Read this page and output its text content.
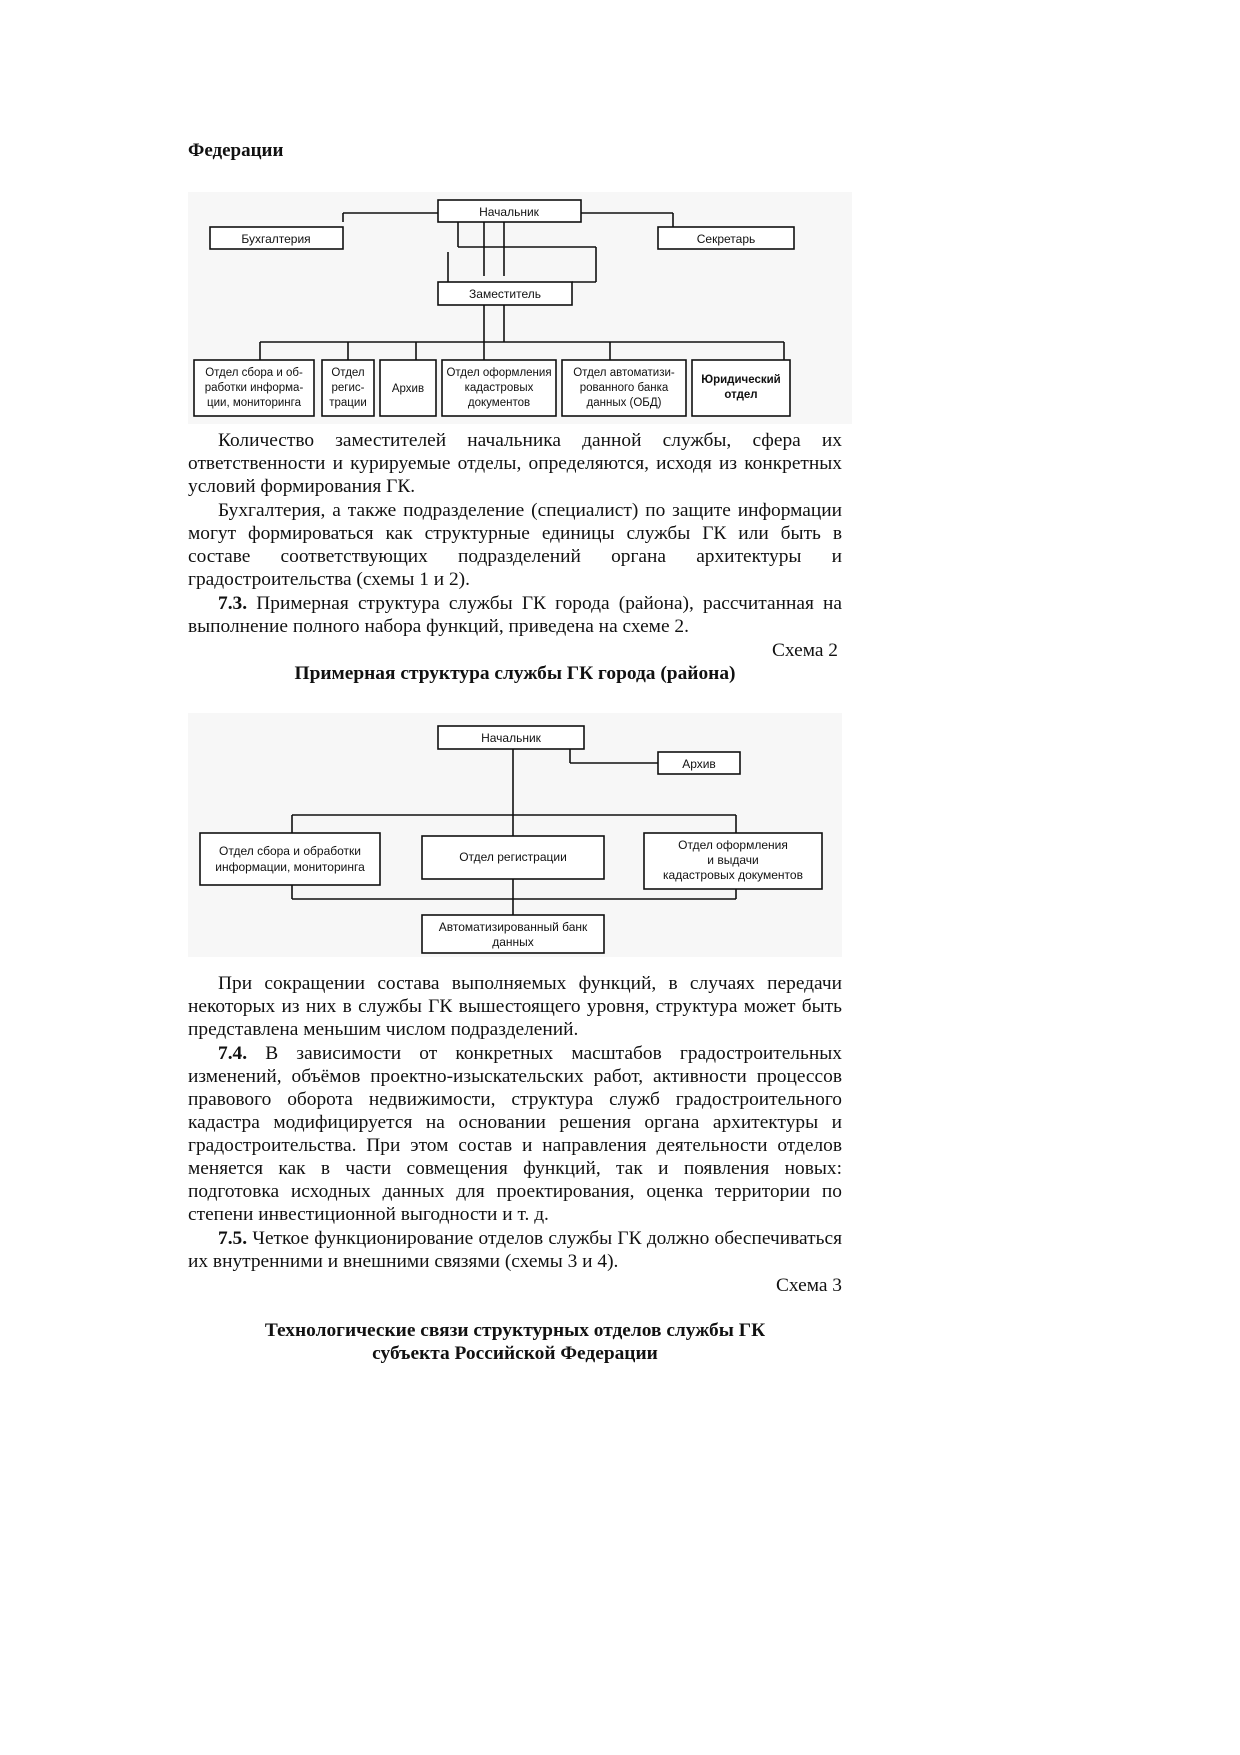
Федерации
Начальник
Бухгалтерия	Секретарь
Заместитель
Отдел сбора и об-
работки информа-
ции, мониторинга
Отдел
регис-
трации
Архив
Отдел оформления
кадастровых
документов
Отдел автоматизи-
рованного банка
данных (ОБД)
Юридический
отдел

Количество заместителей начальника данной службы, сфера их ответственности и курируемые отделы, определяются, исходя из конкретных условий формирования ГК.

Бухгалтерия, а также подразделение (специалист) по защите информации могут формироваться как структурные единицы службы ГК или быть в составе соответствующих подразделений органа архитектуры и градостроительства (схемы 1 и 2).

7.3. Примерная структура службы ГК города (района), рассчитанная на выполнение полного набора функций, приведена на схеме 2.

Схема 2

Примерная структура службы ГК города (района)

Начальник
Архив
Отдел сбора и обработки
информации, мониторинга
Отдел регистрации
Отдел оформления
и выдачи
кадастровых документов
Автоматизированный банк
данных

При сокращении состава выполняемых функций, в случаях передачи некоторых из них в службы ГК вышестоящего уровня, структура может быть представлена меньшим числом подразделений.

7.4. В зависимости от конкретных масштабов градостроительных изменений, объёмов проектно-изыскательских работ, активности процессов правового оборота недвижимости, структура служб градостроительного кадастра модифицируется на основании решения органа архитектуры и градостроительства. При этом состав и направления деятельности отделов меняется как в части совмещения функций, так и появления новых: подготовка исходных данных для проектирования, оценка территории по степени инвестиционной выгодности и т. д.

7.5. Четкое функционирование отделов службы ГК должно обеспечиваться их внутренними и внешними связями (схемы 3 и 4).

Схема 3

Технологические связи структурных отделов службы ГК

субъекта Российской Федерации
